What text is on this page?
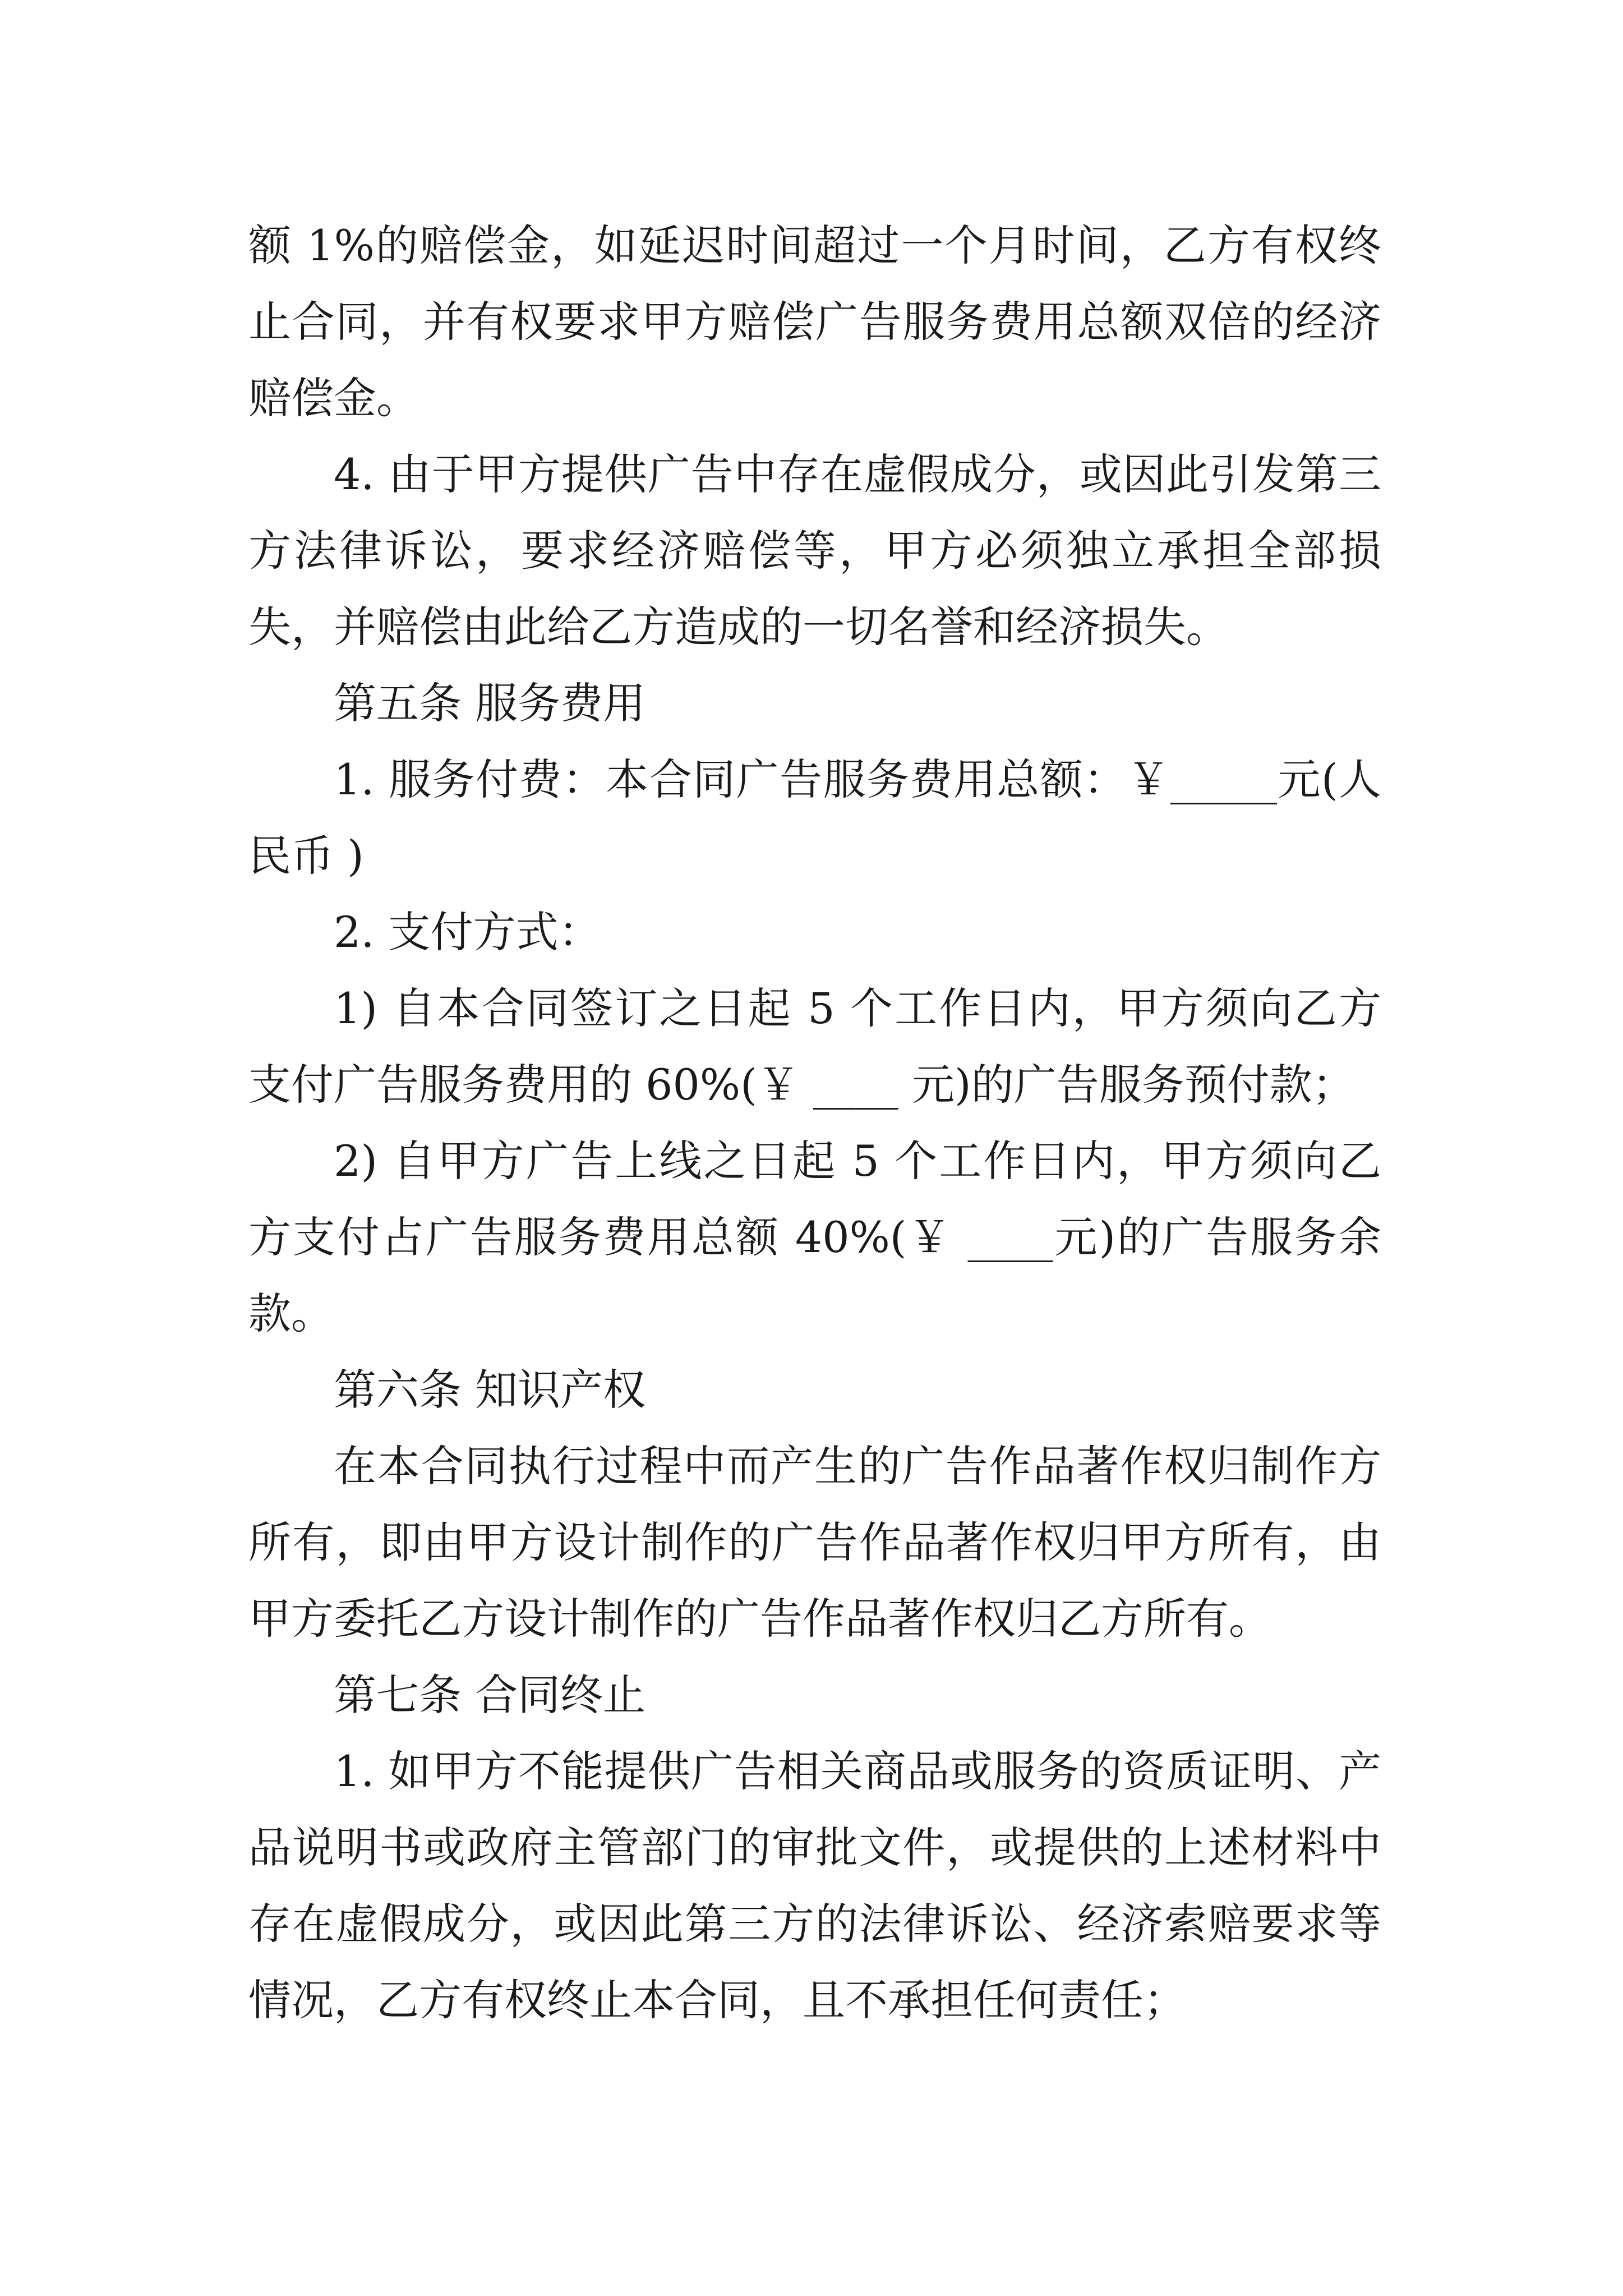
额 1%的赔偿金，如延迟时间超过一个月时间，乙方有权终止合同，并有权要求甲方赔偿广告服务费用总额双倍的经济赔偿金。

4. 由于甲方提供广告中存在虚假成分，或因此引发第三方法律诉讼，要求经济赔偿等，甲方必须独立承担全部损失，并赔偿由此给乙方造成的一切名誉和经济损失。

第五条 服务费用

1. 服务付费：本合同广告服务费用总额：￥_____元(人民币 )

2. 支付方式：

1) 自本合同签订之日起 5 个工作日内，甲方须向乙方支付广告服务费用的 60%(￥ ____ 元)的广告服务预付款；

2) 自甲方广告上线之日起 5 个工作日内，甲方须向乙方支付占广告服务费用总额 40%(￥ ____元)的广告服务余款。

第六条 知识产权

在本合同执行过程中而产生的广告作品著作权归制作方所有，即由甲方设计制作的广告作品著作权归甲方所有，由甲方委托乙方设计制作的广告作品著作权归乙方所有。

第七条 合同终止

1. 如甲方不能提供广告相关商品或服务的资质证明、产品说明书或政府主管部门的审批文件，或提供的上述材料中存在虚假成分，或因此第三方的法律诉讼、经济索赔要求等情况，乙方有权终止本合同，且不承担任何责任；
